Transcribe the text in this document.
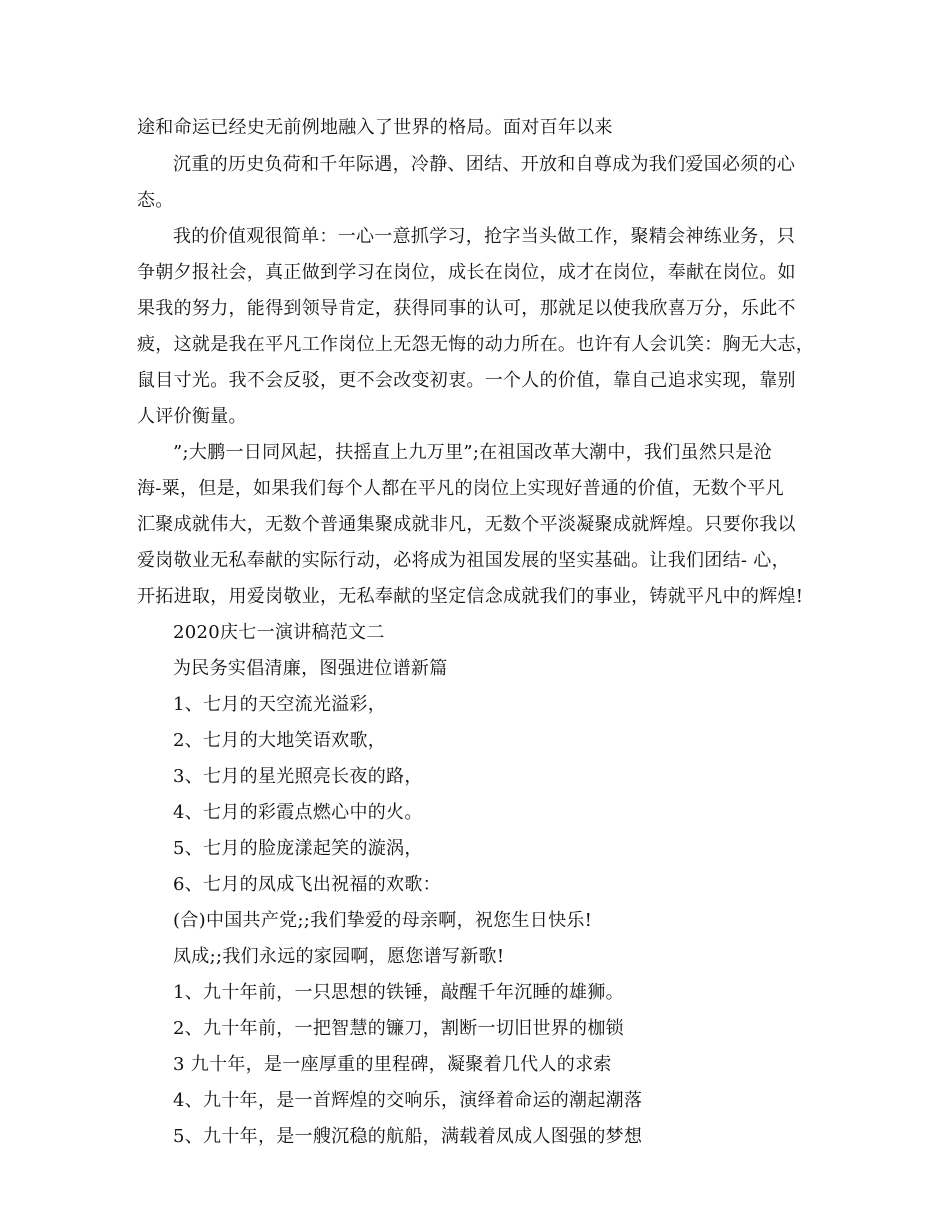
途和命运已经史无前例地融入了世界的格局。面对百年以来
沉重的历史负荷和千年际遇，冷静、团结、开放和自尊成为我们爱国必须的心
态。
我的价值观很简单：一心一意抓学习，抢字当头做工作，聚精会神练业务，只
争朝夕报社会，真正做到学习在岗位，成长在岗位，成才在岗位，奉献在岗位。如
果我的努力，能得到领导肯定，获得同事的认可，那就足以使我欣喜万分，乐此不
疲，这就是我在平凡工作岗位上无怨无悔的动力所在。也许有人会讥笑：胸无大志，
鼠目寸光。我不会反驳，更不会改变初衷。一个人的价值，靠自己追求实现，靠别
人评价衡量。
”;大鹏一日同风起，扶摇直上九万里”;在祖国改革大潮中，我们虽然只是沧
海-粟，但是，如果我们每个人都在平凡的岗位上实现好普通的价值，无数个平凡
汇聚成就伟大，无数个普通集聚成就非凡，无数个平淡凝聚成就辉煌。只要你我以
爱岗敬业无私奉献的实际行动，必将成为祖国发展的坚实基础。让我们团结- 心，
开拓进取，用爱岗敬业，无私奉献的坚定信念成就我们的事业，铸就平凡中的辉煌!
2020庆七一演讲稿范文二
为民务实倡清廉，图强进位谱新篇
1、七月的天空流光溢彩，
2、七月的大地笑语欢歌，
3、七月的星光照亮长夜的路，
4、七月的彩霞点燃心中的火。
5、七月的脸庞漾起笑的漩涡，
6、七月的凤成飞出祝福的欢歌：
(合)中国共产党;;我们挚爱的母亲啊，祝您生日快乐!
凤成;;我们永远的家园啊，愿您谱写新歌!
1、九十年前，一只思想的铁锤，敲醒千年沉睡的雄狮。
2、九十年前，一把智慧的镰刀，割断一切旧世界的枷锁
3 九十年，是一座厚重的里程碑，凝聚着几代人的求索
4、九十年，是一首辉煌的交响乐，演绎着命运的潮起潮落
5、九十年，是一艘沉稳的航船，满载着凤成人图强的梦想
